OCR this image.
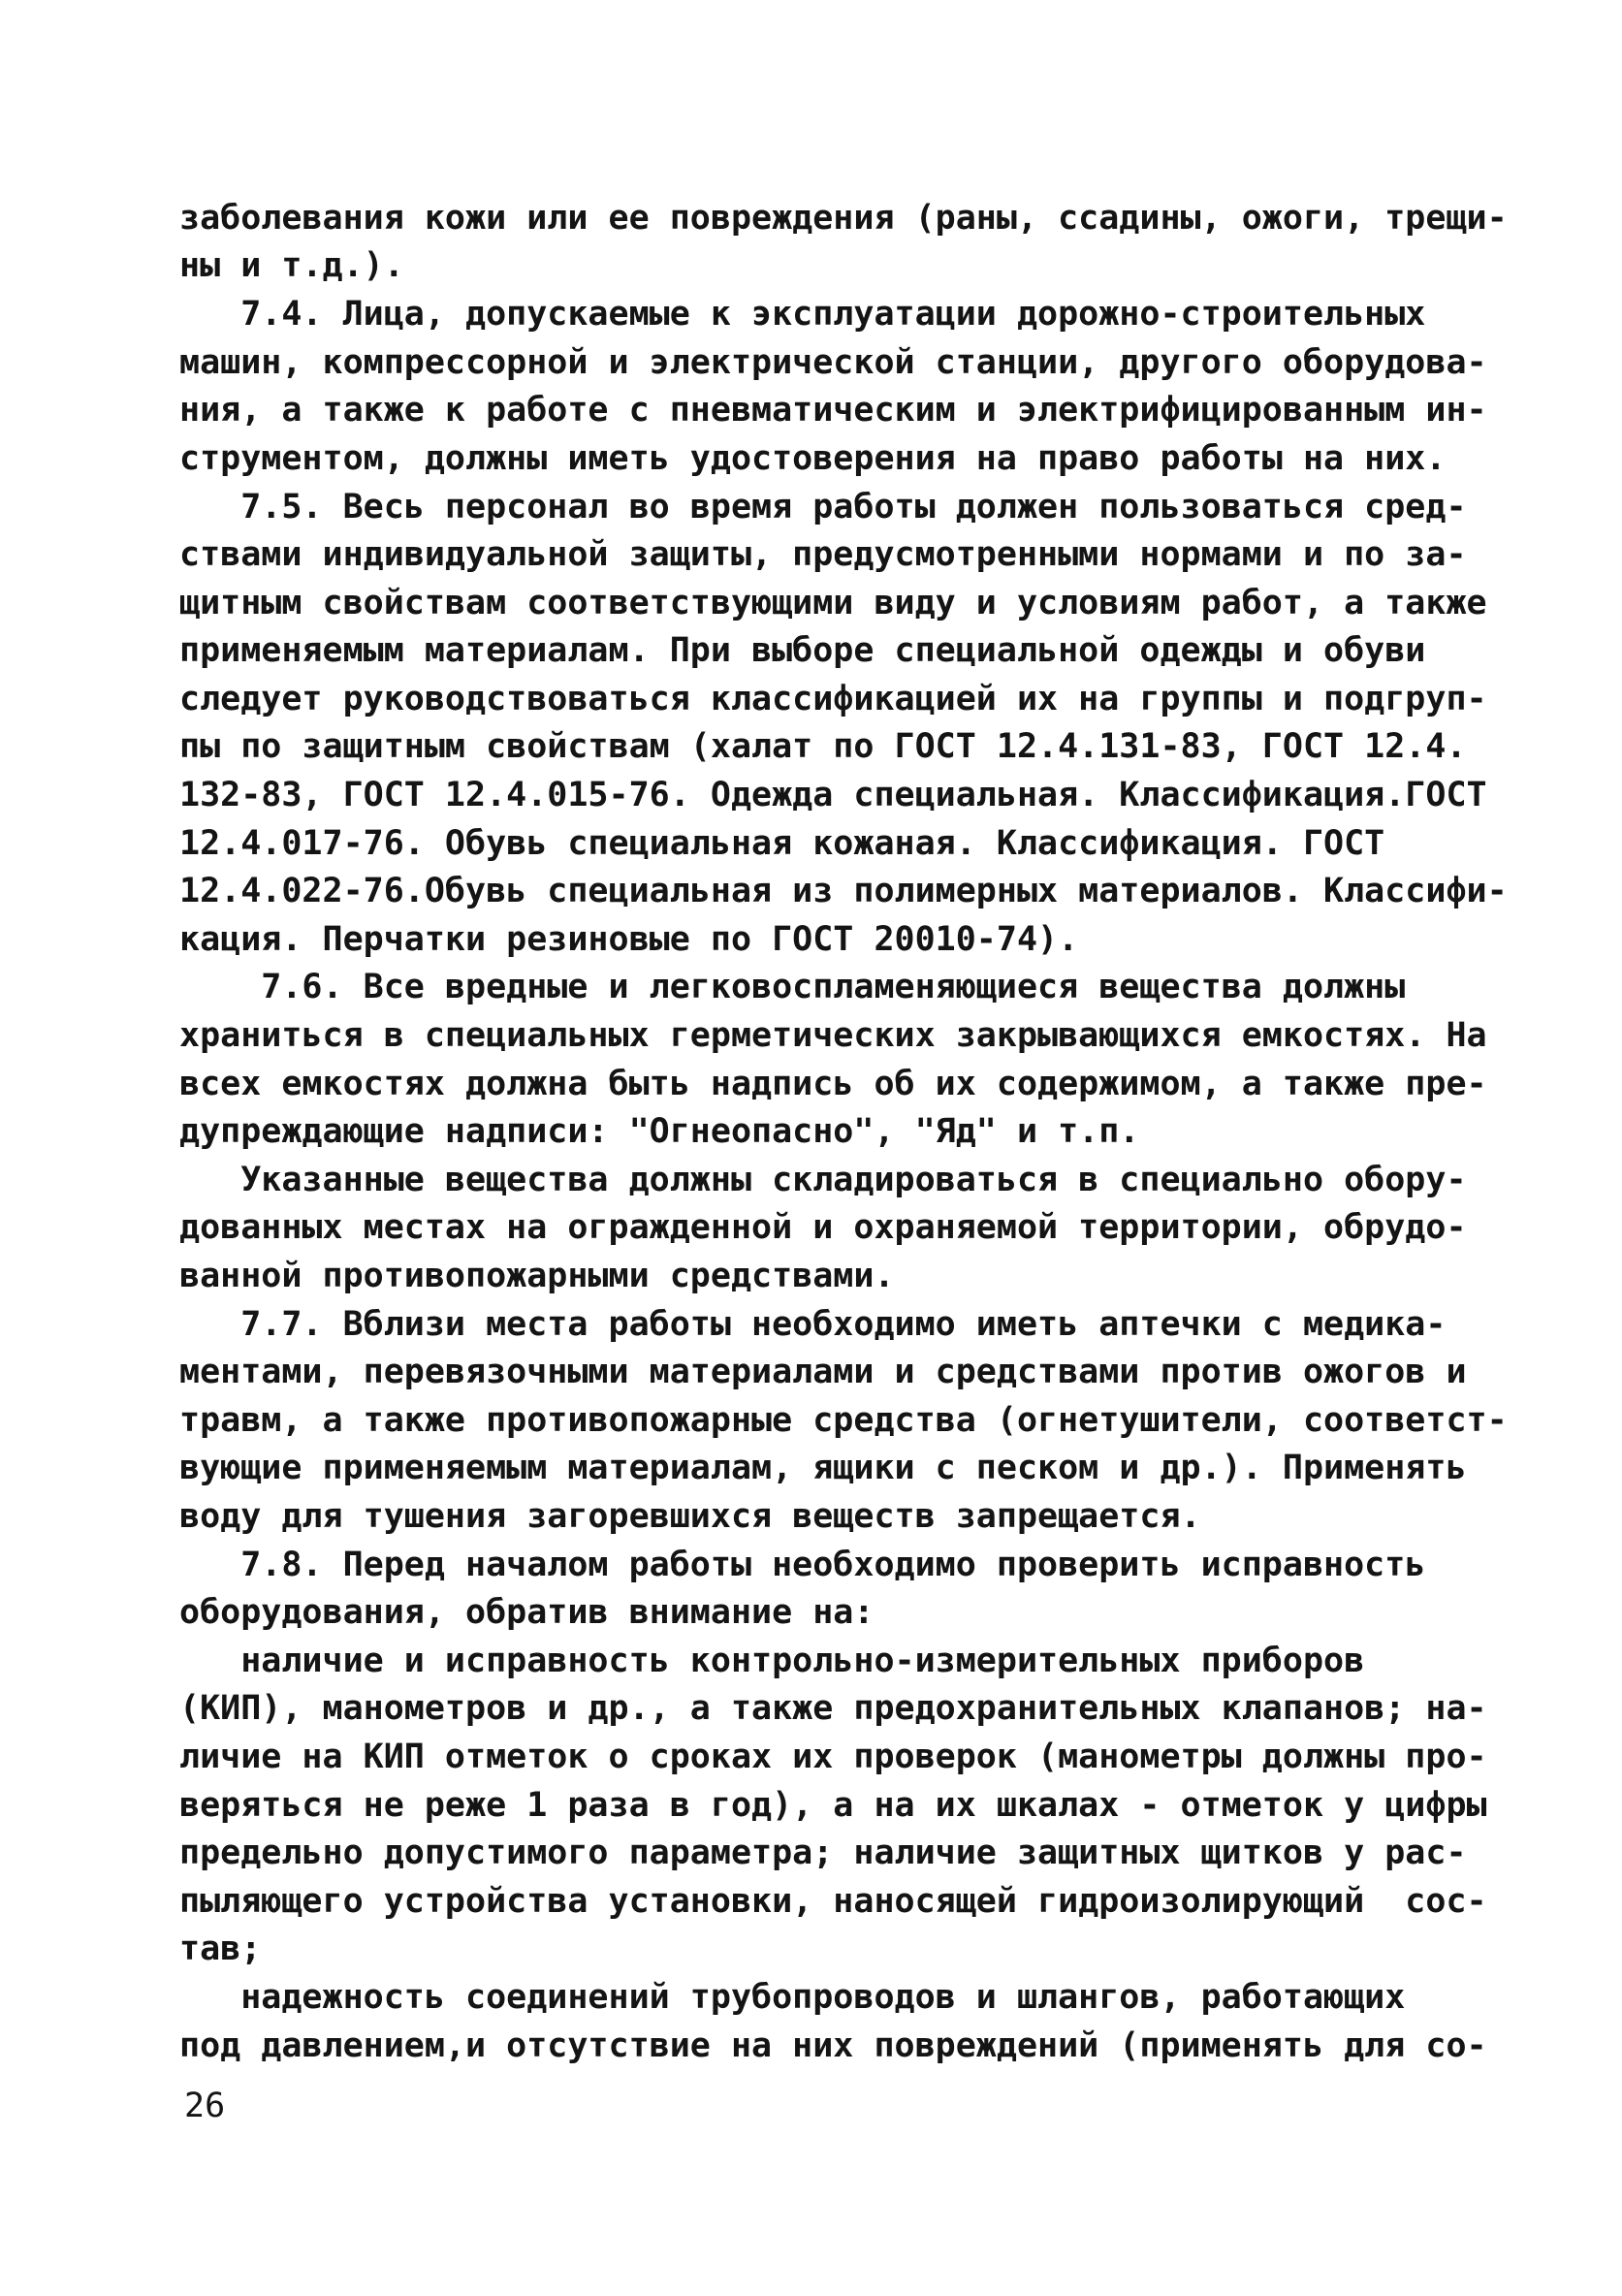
заболевания кожи или ее повреждения (раны, ссадины, ожоги, трещи-

ны и т.д.).

7.4. Лица, допускаемые к эксплуатации дорожно-строительных

машин, компрессорной и электрической станции, другого оборудова-

ния, а также к работе с пневматическим и электрифицированным ин-

струментом, должны иметь удостоверения на право работы на них.

7.5. Весь персонал во время работы должен пользоваться сред-

ствами индивидуальной защиты, предусмотренными нормами и по за-

щитным свойствам соответствующими виду и условиям работ, а также

применяемым материалам. При выборе специальной одежды и обуви

следует руководствоваться классификацией их на группы и подгруп-

пы по защитным свойствам (халат по ГОСТ 12.4.131-83, ГОСТ 12.4.

132-83, ГОСТ 12.4.015-76. Одежда специальная. Классификация.ГОСТ

12.4.017-76. Обувь специальная кожаная. Классификация. ГОСТ

12.4.022-76.Обувь специальная из полимерных материалов. Классифи-

кация. Перчатки резиновые по ГОСТ 20010-74).

7.6. Все вредные и легковоспламеняющиеся вещества должны

храниться в специальных герметических закрывающихся емкостях. На

всех емкостях должна быть надпись об их содержимом, а также пре-

дупреждающие надписи: "Огнеопасно", "Яд" и т.п.

Указанные вещества должны складироваться в специально обору-

дованных местах на огражденной и охраняемой территории, обрудо-

ванной противопожарными средствами.

7.7. Вблизи места работы необходимо иметь аптечки с медика-

ментами, перевязочными материалами и средствами против ожогов и

травм, а также противопожарные средства (огнетушители, соответст-

вующие применяемым материалам, ящики с песком и др.). Применять

воду для тушения загоревшихся веществ запрещается.

7.8. Перед началом работы необходимо проверить исправность

оборудования, обратив внимание на:

наличие и исправность контрольно-измерительных приборов

(КИП), манометров и др., а также предохранительных клапанов; на-

личие на КИП отметок о сроках их проверок (манометры должны про-

веряться не реже 1 раза в год), а на их шкалах - отметок у цифры

предельно допустимого параметра; наличие защитных щитков у рас-

пыляющего устройства установки, наносящей гидроизолирующий  сос-

тав;

надежность соединений трубопроводов и шлангов, работающих

под давлением,и отсутствие на них повреждений (применять для со-

26
